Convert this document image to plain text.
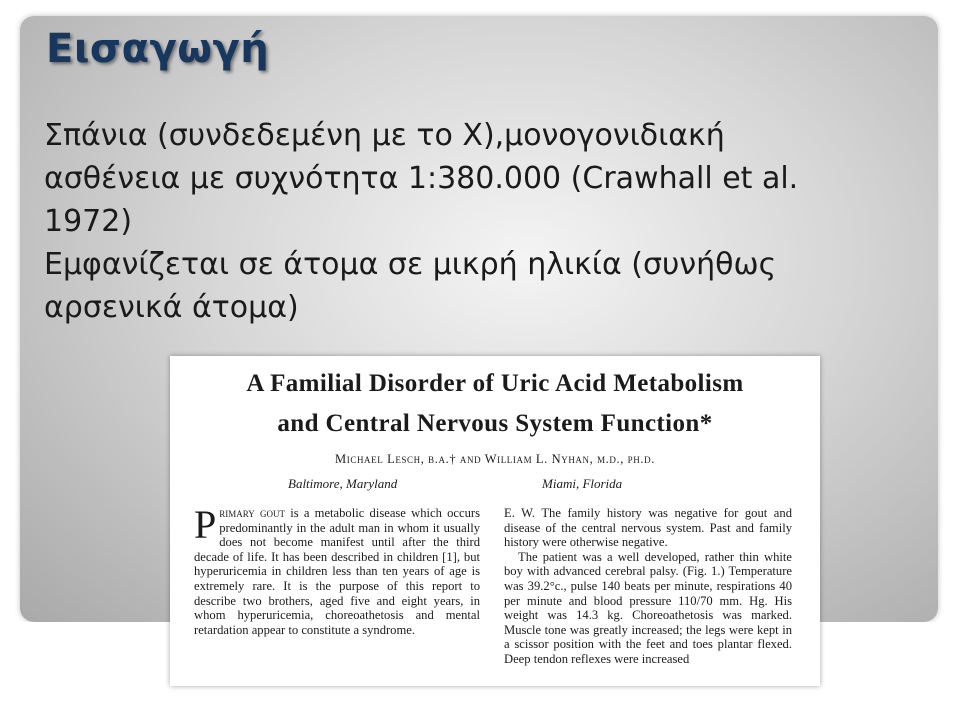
Εισαγωγή

Σπάνια (συνδεδεμένη με το Χ),μονογονιδιακή ασθένεια με συχνότητα 1:380.000 (Crawhall et al. 1972)

Εμφανίζεται σε άτομα σε μικρή ηλικία (συνήθως αρσενικά άτομα)

A Familial Disorder of Uric Acid Metabolism
and Central Nervous System Function*
Michael Lesch, b.a.† and William L. Nyhan, m.d., ph.d.
Baltimore, Maryland	Miami, Florida
Primary gout is a metabolic disease which occurs predominantly in the adult man in whom it usually does not become manifest until after the third decade of life. It has been described in children [1], but hyperuricemia in children less than ten years of age is extremely rare. It is the purpose of this report to describe two brothers, aged five and eight years, in whom hyperuricemia, choreoathetosis and mental retardation appear to constitute a syndrome.
E. W. The family history was negative for gout and disease of the central nervous system. Past and family history were otherwise negative.
The patient was a well developed, rather thin white boy with advanced cerebral palsy. (Fig. 1.) Temperature was 39.2°c., pulse 140 beats per minute, respirations 40 per minute and blood pressure 110/70 mm. Hg. His weight was 14.3 kg. Choreoathetosis was marked. Muscle tone was greatly increased; the legs were kept in a scissor position with the feet and toes plantar flexed. Deep tendon reflexes were increased
